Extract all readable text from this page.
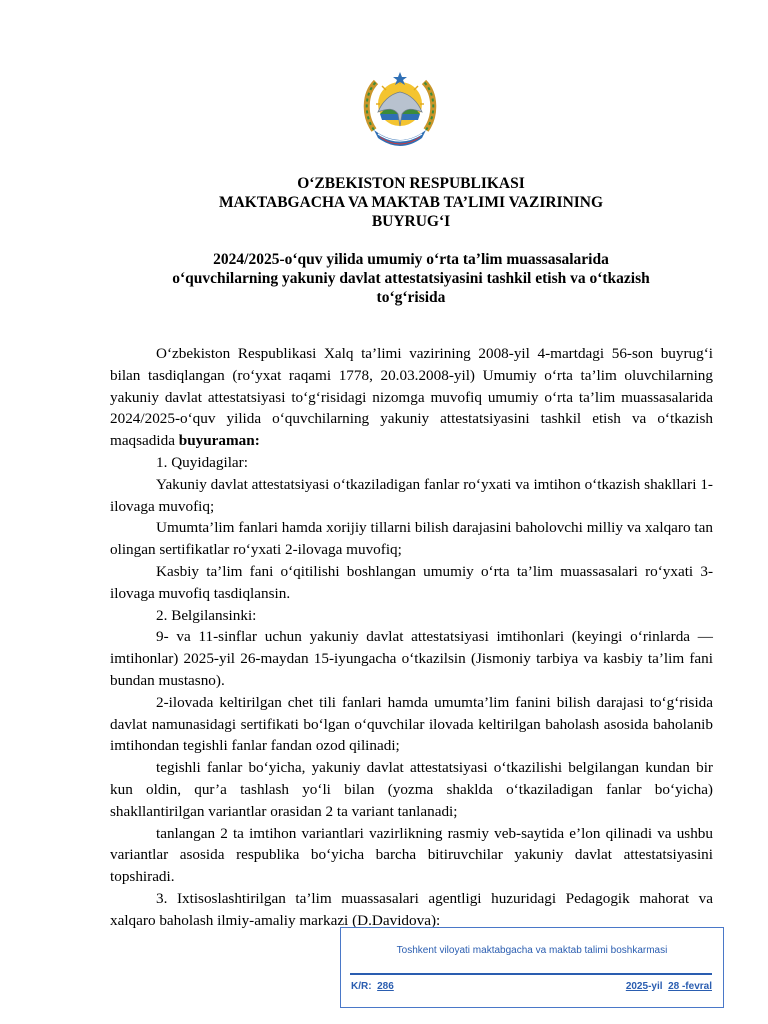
O‘ZBEKISTON RESPUBLIKASI
MAKTABGACHA VA MAKTAB TA’LIMI VAZIRINING
BUYRUG‘I
2024/2025-o‘quv yilida umumiy o‘rta ta’lim muassasalarida
o‘quvchilarning yakuniy davlat attestatsiyasini tashkil etish va o‘tkazish
to‘g‘risida

O‘zbekiston Respublikasi Xalq ta’limi vazirining 2008-yil 4-martdagi 56-son buyrug‘i bilan tasdiqlangan (ro‘yxat raqami 1778, 20.03.2008-yil) Umumiy o‘rta ta’lim oluvchilarning yakuniy davlat attestatsiyasi to‘g‘risidagi nizomga muvofiq umumiy o‘rta ta’lim muassasalarida 2024/2025-o‘quv yilida o‘quvchilarning yakuniy attestatsiyasini tashkil etish va o‘tkazish maqsadida buyuraman:

1. Quyidagilar:

Yakuniy davlat attestatsiyasi o‘tkaziladigan fanlar ro‘yxati va imtihon o‘tkazish shakllari 1-ilovaga muvofiq;

Umumta’lim fanlari hamda xorijiy tillarni bilish darajasini baholovchi milliy va xalqaro tan olingan sertifikatlar ro‘yxati 2-ilovaga muvofiq;

Kasbiy ta’lim fani o‘qitilishi boshlangan umumiy o‘rta ta’lim muassasalari ro‘yxati 3-ilovaga muvofiq tasdiqlansin.

2. Belgilansinki:

9- va 11-sinflar uchun yakuniy davlat attestatsiyasi imtihonlari (keyingi o‘rinlarda — imtihonlar) 2025-yil 26-maydan 15-iyungacha o‘tkazilsin (Jismoniy tarbiya va kasbiy ta’lim fani bundan mustasno).

2-ilovada keltirilgan chet tili fanlari hamda umumta’lim fanini bilish darajasi to‘g‘risida davlat namunasidagi sertifikati bo‘lgan o‘quvchilar ilovada keltirilgan baholash asosida baholanib imtihondan tegishli fanlar fandan ozod qilinadi;

tegishli fanlar bo‘yicha, yakuniy davlat attestatsiyasi o‘tkazilishi belgilangan kundan bir kun oldin, qur’a tashlash yo‘li bilan (yozma shaklda o‘tkaziladigan fanlar bo‘yicha) shakllantirilgan variantlar orasidan 2 ta variant tanlanadi;

tanlangan 2 ta imtihon variantlari vazirlikning rasmiy veb-saytida e’lon qilinadi va ushbu variantlar asosida respublika bo‘yicha barcha bitiruvchilar yakuniy davlat attestatsiyasini topshiradi.

3. Ixtisoslashtirilgan ta’lim muassasalari agentligi huzuridagi Pedagogik mahorat va xalqaro baholash ilmiy-amaliy markazi (D.Davidova):

Toshkent viloyati maktabgacha va maktab talimi boshkarmasi
K/R: 286	2025-yil 28 -fevral
